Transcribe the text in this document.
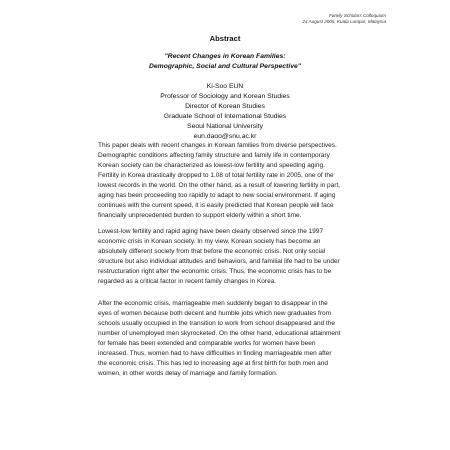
Family Scholars Colloquium
24 August 2005, Kuala Lumpur, Malaysia
Abstract
"Recent Changes in Korean Families:
Demographic, Social and Cultural Perspective"
Ki-Soo EUN
Professor of Sociology and Korean Studies
Director of Korean Studies
Graduate School of International Studies
Seoul National University
eun.daoo@snu.ac.kr
This paper deals with recent changes in Korean families from diverse perspectives.
Demographic conditions affecting family structure and family life in contemporary
Korean society can be characterized as lowest-low fertility and speeding aging.
Fertility in Korea drastically dropped to 1.08 of total fertility rate in 2005, one of the
lowest records in the world. On the other hand, as a result of lowering fertility in part,
aging has been proceeding too rapidly to adapt to new social environment. If aging
continues with the current speed, it is easily predicted that Korean people will face
financially unprecedented burden to support elderly within a short time.
Lowest-low fertility and rapid aging have been clearly observed since the 1997
economic crisis in Korean society. In my view, Korean society has become an
absolutely different society from that before the economic crisis. Not only social
structure but also individual attitudes and behaviors, and familial life had to be under
restructuration right after the economic crisis. Thus, the economic crisis has to be
regarded as a critical factor in recent family changes in Korea.
After the economic crisis, marriageable men suddenly began to disappear in the
eyes of women because both decent and humble jobs which new graduates from
schools usually occupied in the transition to work from school disappeared and the
number of unemployed men skyrocketed. On the other hand, educational attainment
for female has been extended and comparable works for women have been
increased. Thus, women had to have difficulties in finding marriageable men after
the economic crisis. This has led to increasing age at first birth for both men and
women, in other words delay of marriage and family formation.
